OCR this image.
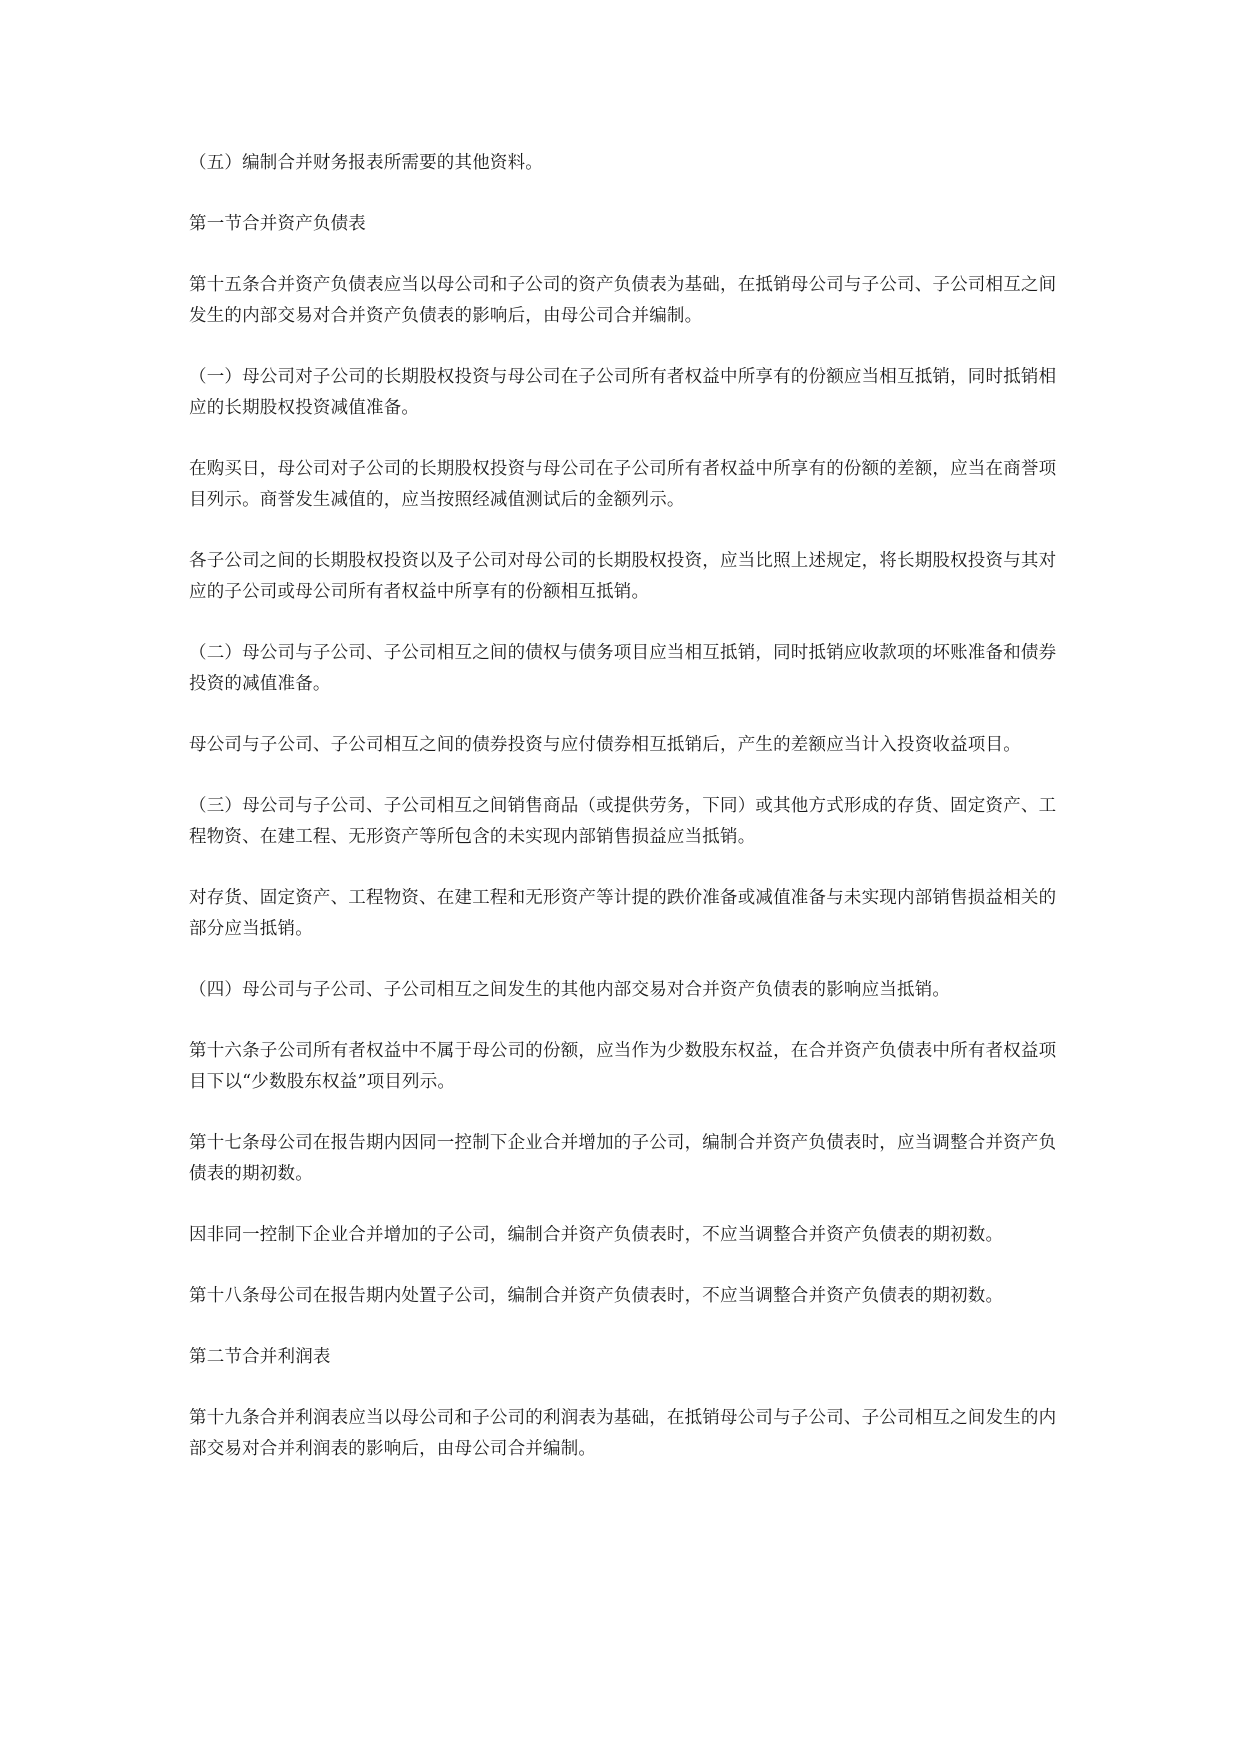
（五）编制合并财务报表所需要的其他资料。

第一节合并资产负债表

第十五条合并资产负债表应当以母公司和子公司的资产负债表为基础，在抵销母公司与子公司、子公司相互之间发生的内部交易对合并资产负债表的影响后，由母公司合并编制。

（一）母公司对子公司的长期股权投资与母公司在子公司所有者权益中所享有的份额应当相互抵销，同时抵销相应的长期股权投资减值准备。

在购买日，母公司对子公司的长期股权投资与母公司在子公司所有者权益中所享有的份额的差额，应当在商誉项目列示。商誉发生减值的，应当按照经减值测试后的金额列示。

各子公司之间的长期股权投资以及子公司对母公司的长期股权投资，应当比照上述规定，将长期股权投资与其对应的子公司或母公司所有者权益中所享有的份额相互抵销。

（二）母公司与子公司、子公司相互之间的债权与债务项目应当相互抵销，同时抵销应收款项的坏账准备和债券投资的减值准备。

母公司与子公司、子公司相互之间的债券投资与应付债券相互抵销后，产生的差额应当计入投资收益项目。

（三）母公司与子公司、子公司相互之间销售商品（或提供劳务，下同）或其他方式形成的存货、固定资产、工程物资、在建工程、无形资产等所包含的未实现内部销售损益应当抵销。

对存货、固定资产、工程物资、在建工程和无形资产等计提的跌价准备或减值准备与未实现内部销售损益相关的部分应当抵销。

（四）母公司与子公司、子公司相互之间发生的其他内部交易对合并资产负债表的影响应当抵销。

第十六条子公司所有者权益中不属于母公司的份额，应当作为少数股东权益，在合并资产负债表中所有者权益项目下以“少数股东权益”项目列示。

第十七条母公司在报告期内因同一控制下企业合并增加的子公司，编制合并资产负债表时，应当调整合并资产负债表的期初数。

因非同一控制下企业合并增加的子公司，编制合并资产负债表时，不应当调整合并资产负债表的期初数。

第十八条母公司在报告期内处置子公司，编制合并资产负债表时，不应当调整合并资产负债表的期初数。

第二节合并利润表

第十九条合并利润表应当以母公司和子公司的利润表为基础，在抵销母公司与子公司、子公司相互之间发生的内部交易对合并利润表的影响后，由母公司合并编制。
